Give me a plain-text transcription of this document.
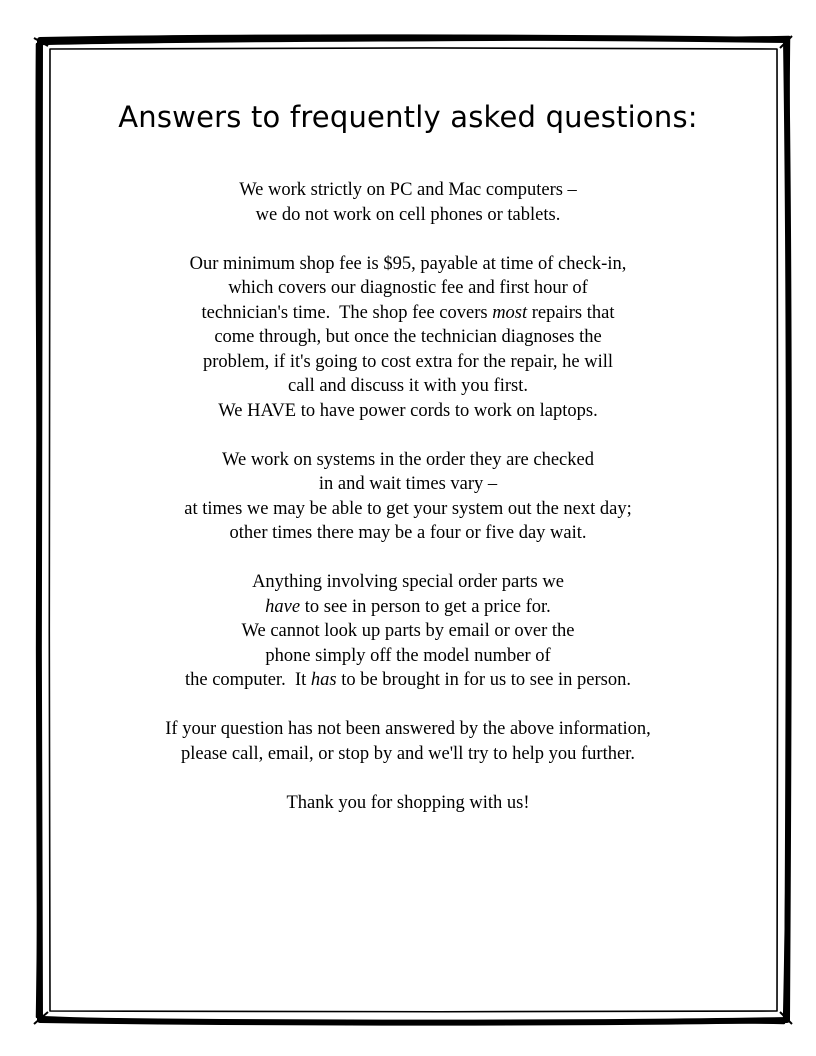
Answers to frequently asked questions:

We work strictly on PC and Mac computers –
we do not work on cell phones or tablets.

Our minimum shop fee is $95, payable at time of check-in,
which covers our diagnostic fee and first hour of
technician's time.  The shop fee covers most repairs that
come through, but once the technician diagnoses the
problem, if it's going to cost extra for the repair, he will
call and discuss it with you first.
We HAVE to have power cords to work on laptops.

We work on systems in the order they are checked
in and wait times vary –
at times we may be able to get your system out the next day;
other times there may be a four or five day wait.

Anything involving special order parts we
have to see in person to get a price for.
We cannot look up parts by email or over the
phone simply off the model number of
the computer.  It has to be brought in for us to see in person.

If your question has not been answered by the above information,
please call, email, or stop by and we'll try to help you further.

Thank you for shopping with us!
